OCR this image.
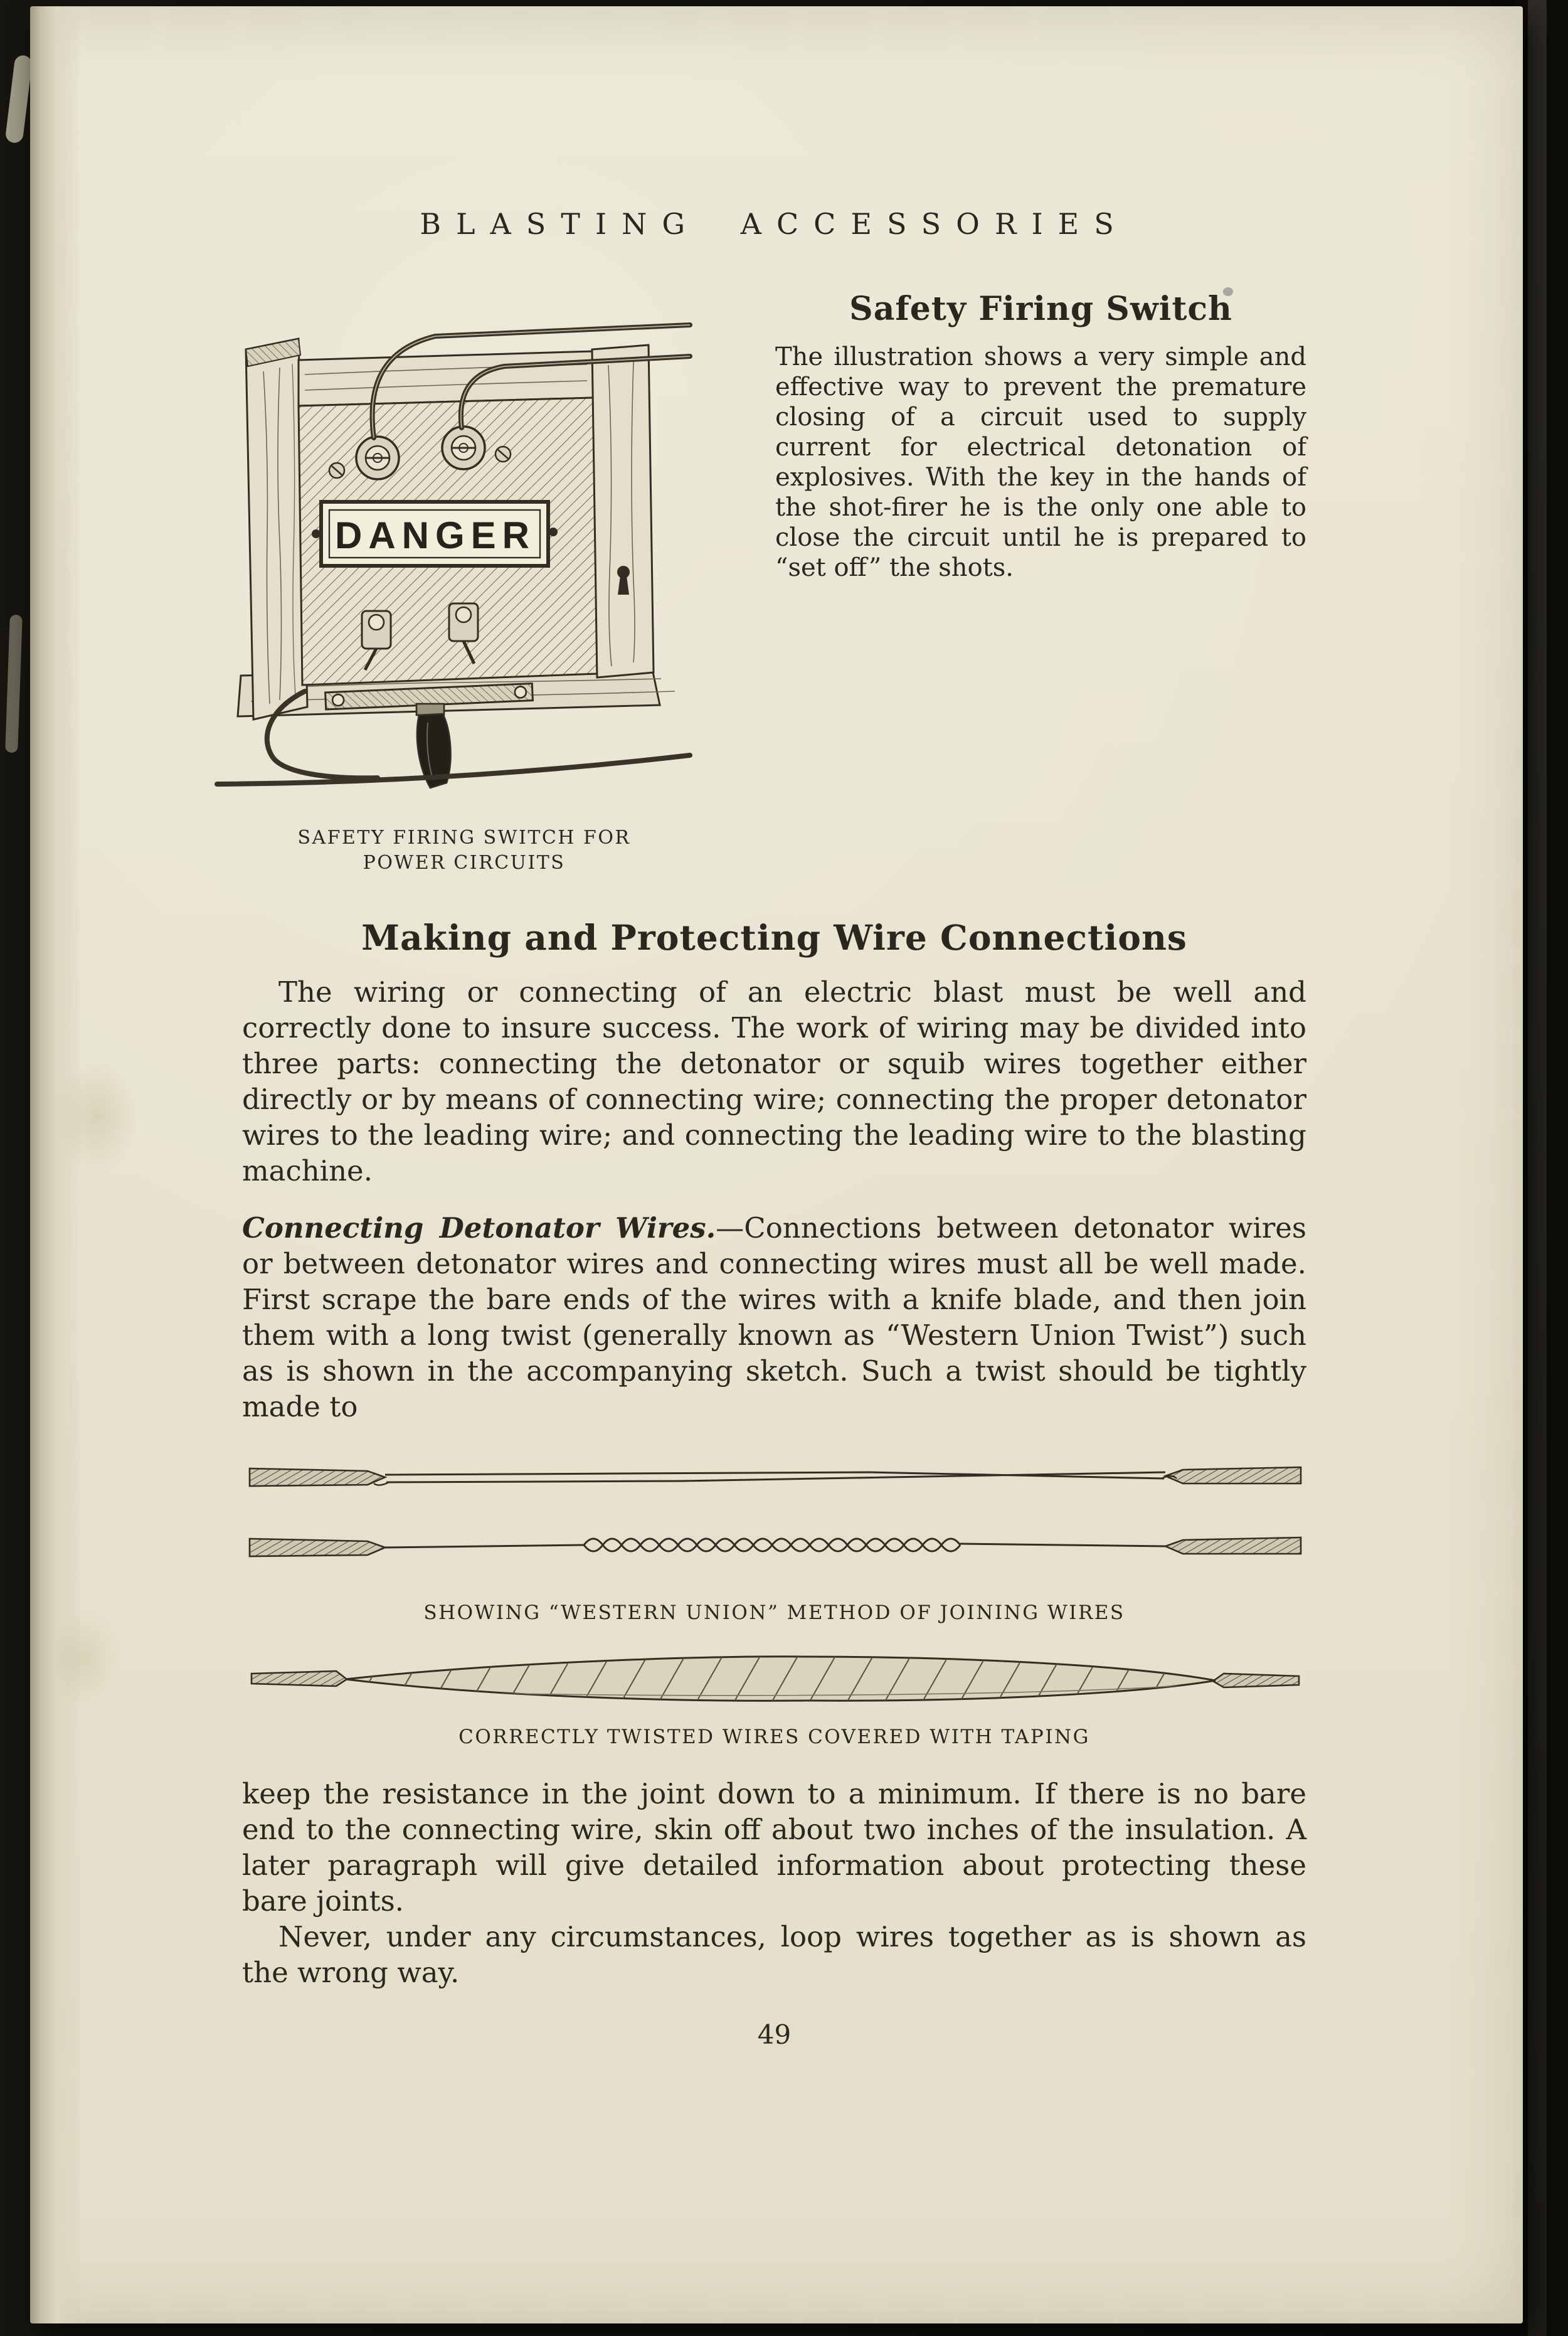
BLASTING ACCESSORIES
DANGER
SAFETY FIRING SWITCH FOR
POWER CIRCUITS
Safety Firing Switch

The illustration shows a very simple and effective way to prevent the premature closing of a circuit used to supply current for electrical detonation of explosives. With the key in the hands of the shot-firer he is the only one able to close the circuit until he is prepared to “set off” the shots.

Making and Protecting Wire Connections

The wiring or connecting of an electric blast must be well and correctly done to insure success. The work of wiring may be divided into three parts: connecting the detonator or squib wires together either directly or by means of connecting wire; connecting the proper detonator wires to the leading wire; and connecting the leading wire to the blasting machine.

Connecting Detonator Wires.—Connections between detonator wires or between detonator wires and connecting wires must all be well made. First scrape the bare ends of the wires with a knife blade, and then join them with a long twist (generally known as “Western Union Twist”) such as is shown in the accompanying sketch. Such a twist should be tightly made to

SHOWING “WESTERN UNION” METHOD OF JOINING WIRES
CORRECTLY TWISTED WIRES COVERED WITH TAPING

keep the resistance in the joint down to a minimum. If there is no bare end to the connecting wire, skin off about two inches of the insulation. A later paragraph will give detailed information about protecting these bare joints.

Never, under any circumstances, loop wires together as is shown as the wrong way.

49
